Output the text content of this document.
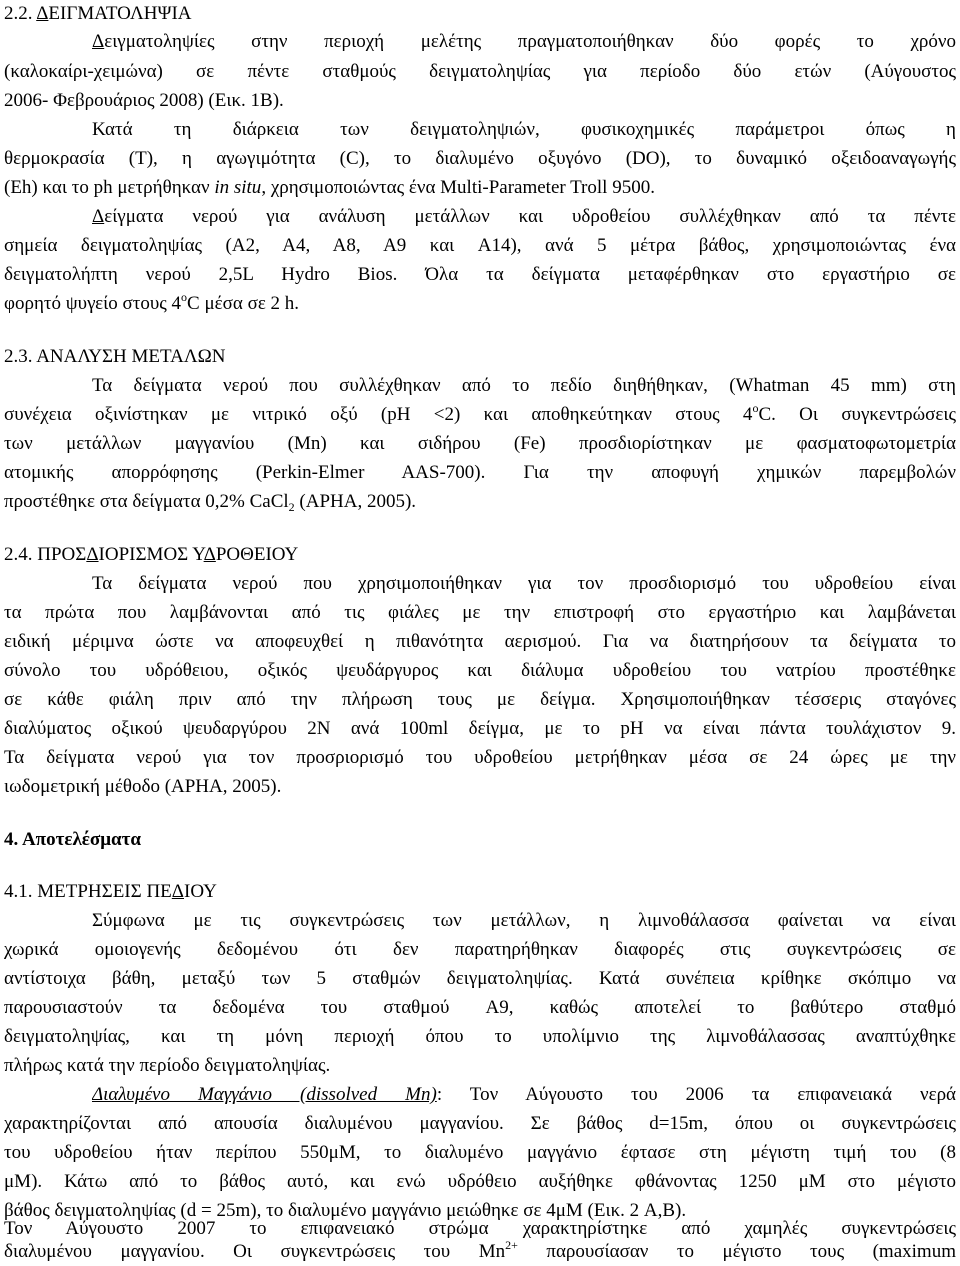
2.2. ΔΕΙΓΜΑΤΟΛΗΨΙΑ
Δειγματοληψίες στην περιοχή μελέτης πραγματοποιήθηκαν δύο φορές το χρόνο
(καλοκαίρι-χειμώνα) σε πέντε σταθμούς δειγματοληψίας για περίοδο δύο ετών (Αύγουστος
2006- Φεβρουάριος 2008) (Εικ. 1Β).
Κατά τη διάρκεια των δειγματοληψιών, φυσικοχημικές παράμετροι όπως η
θερμοκρασία (T), η αγωγιμότητα (C), το διαλυμένο οξυγόνο (DO), το δυναμικό οξειδοαναγωγής
(Eh) και το ph μετρήθηκαν in situ, χρησιμοποιώντας ένα Multi-Parameter Troll 9500.
Δείγματα νερού για ανάλυση μετάλλων και υδροθείου συλλέχθηκαν από τα πέντε
σημεία δειγματοληψίας (A2, A4, A8, A9 και A14), ανά 5 μέτρα βάθος, χρησιμοποιώντας ένα
δειγματολήπτη νερού 2,5L Hydro Bios. Όλα τα δείγματα μεταφέρθηκαν στο εργαστήριο σε
φορητό ψυγείο στους 4$^o$C μέσα σε 2 h.
2.3. ΑΝΑΛΥΣΗ ΜΕΤΑΛΩΝ
Τα δείγματα νερού που συλλέχθηκαν από το πεδίο διηθήθηκαν, (Whatman 45 mm) στη
συνέχεια οξινίστηκαν με νιτρικό οξύ (pH <2) και αποθηκεύτηκαν στους 4$^o$C. Οι συγκεντρώσεις
των μετάλλων μαγγανίου (Mn) και σιδήρου (Fe) προσδιορίστηκαν με φασματοφωτομετρία
ατομικής απορρόφησης (Perkin-Elmer AAS-700). Για την αποφυγή χημικών παρεμβολών
προστέθηκε στα δείγματα 0,2% CaCl$_2$ (APHA, 2005).
2.4. ΠΡΟΣΔΙΟΡΙΣΜΟΣ ΥΔΡΟΘΕΙΟΥ
Τα δείγματα νερού που χρησιμοποιήθηκαν για τον προσδιορισμό του υδροθείου είναι
τα πρώτα που λαμβάνονται από τις φιάλες με την επιστροφή στο εργαστήριο και λαμβάνεται
ειδική μέριμνα ώστε να αποφευχθεί η πιθανότητα αερισμού. Για να διατηρήσουν τα δείγματα το
σύνολο του υδρόθειου, οξικός ψευδάργυρος και διάλυμα υδροθείου του νατρίου προστέθηκε
σε κάθε φιάλη πριν από την πλήρωση τους με δείγμα. Χρησιμοποιήθηκαν τέσσερις σταγόνες
διαλύματος οξικού ψευδαργύρου 2N ανά 100ml δείγμα, με το pH να είναι πάντα τουλάχιστον 9.
Τα δείγματα νερού για τον προσριορισμό του υδροθείου μετρήθηκαν μέσα σε 24 ώρες με την
ιωδομετρική μέθοδο (APHA, 2005).
4. Αποτελέσματα
4.1. ΜΕΤΡΗΣΕΙΣ ΠΕΔΙΟΥ
Σύμφωνα με τις συγκεντρώσεις των μετάλλων, η λιμνοθάλασσα φαίνεται να είναι
χωρικά ομοιογενής δεδομένου ότι δεν παρατηρήθηκαν διαφορές στις συγκεντρώσεις σε
αντίστοιχα βάθη, μεταξύ των 5 σταθμών δειγματοληψίας. Κατά συνέπεια κρίθηκε σκόπιμο να
παρουσιαστούν τα δεδομένα του σταθμού A9, καθώς αποτελεί το βαθύτερο σταθμό
δειγματοληψίας, και τη μόνη περιοχή όπου το υπολίμνιο της λιμνοθάλασσας αναπτύχθηκε
πλήρως κατά την περίοδο δειγματοληψίας.
Διαλυμένο Μαγγάνιο (dissolved Mn): Τον Αύγουστο του 2006 τα επιφανειακά νερά
χαρακτηρίζονται από απουσία διαλυμένου μαγγανίου. Σε βάθος d=15m, όπου οι συγκεντρώσεις
του υδροθείου ήταν περίπου 550μM, το διαλυμένο μαγγάνιο έφτασε στη μέγιστη τιμή του (8
μM). Κάτω από το βάθος αυτό, και ενώ υδρόθειο αυξήθηκε φθάνοντας 1250 μM στο μέγιστο
βάθος δειγματοληψίας (d = 25m), το διαλυμένο μαγγάνιο μειώθηκε σε 4μM (Εικ. 2 A,B).
Τον Αύγουστο 2007 το επιφανειακό στρώμα χαρακτηρίστηκε από χαμηλές συγκεντρώσεις
διαλυμένου μαγγανίου. Οι συγκεντρώσεις του $Mn^{2+}$ παρουσίασαν το μέγιστο τους (maximum
